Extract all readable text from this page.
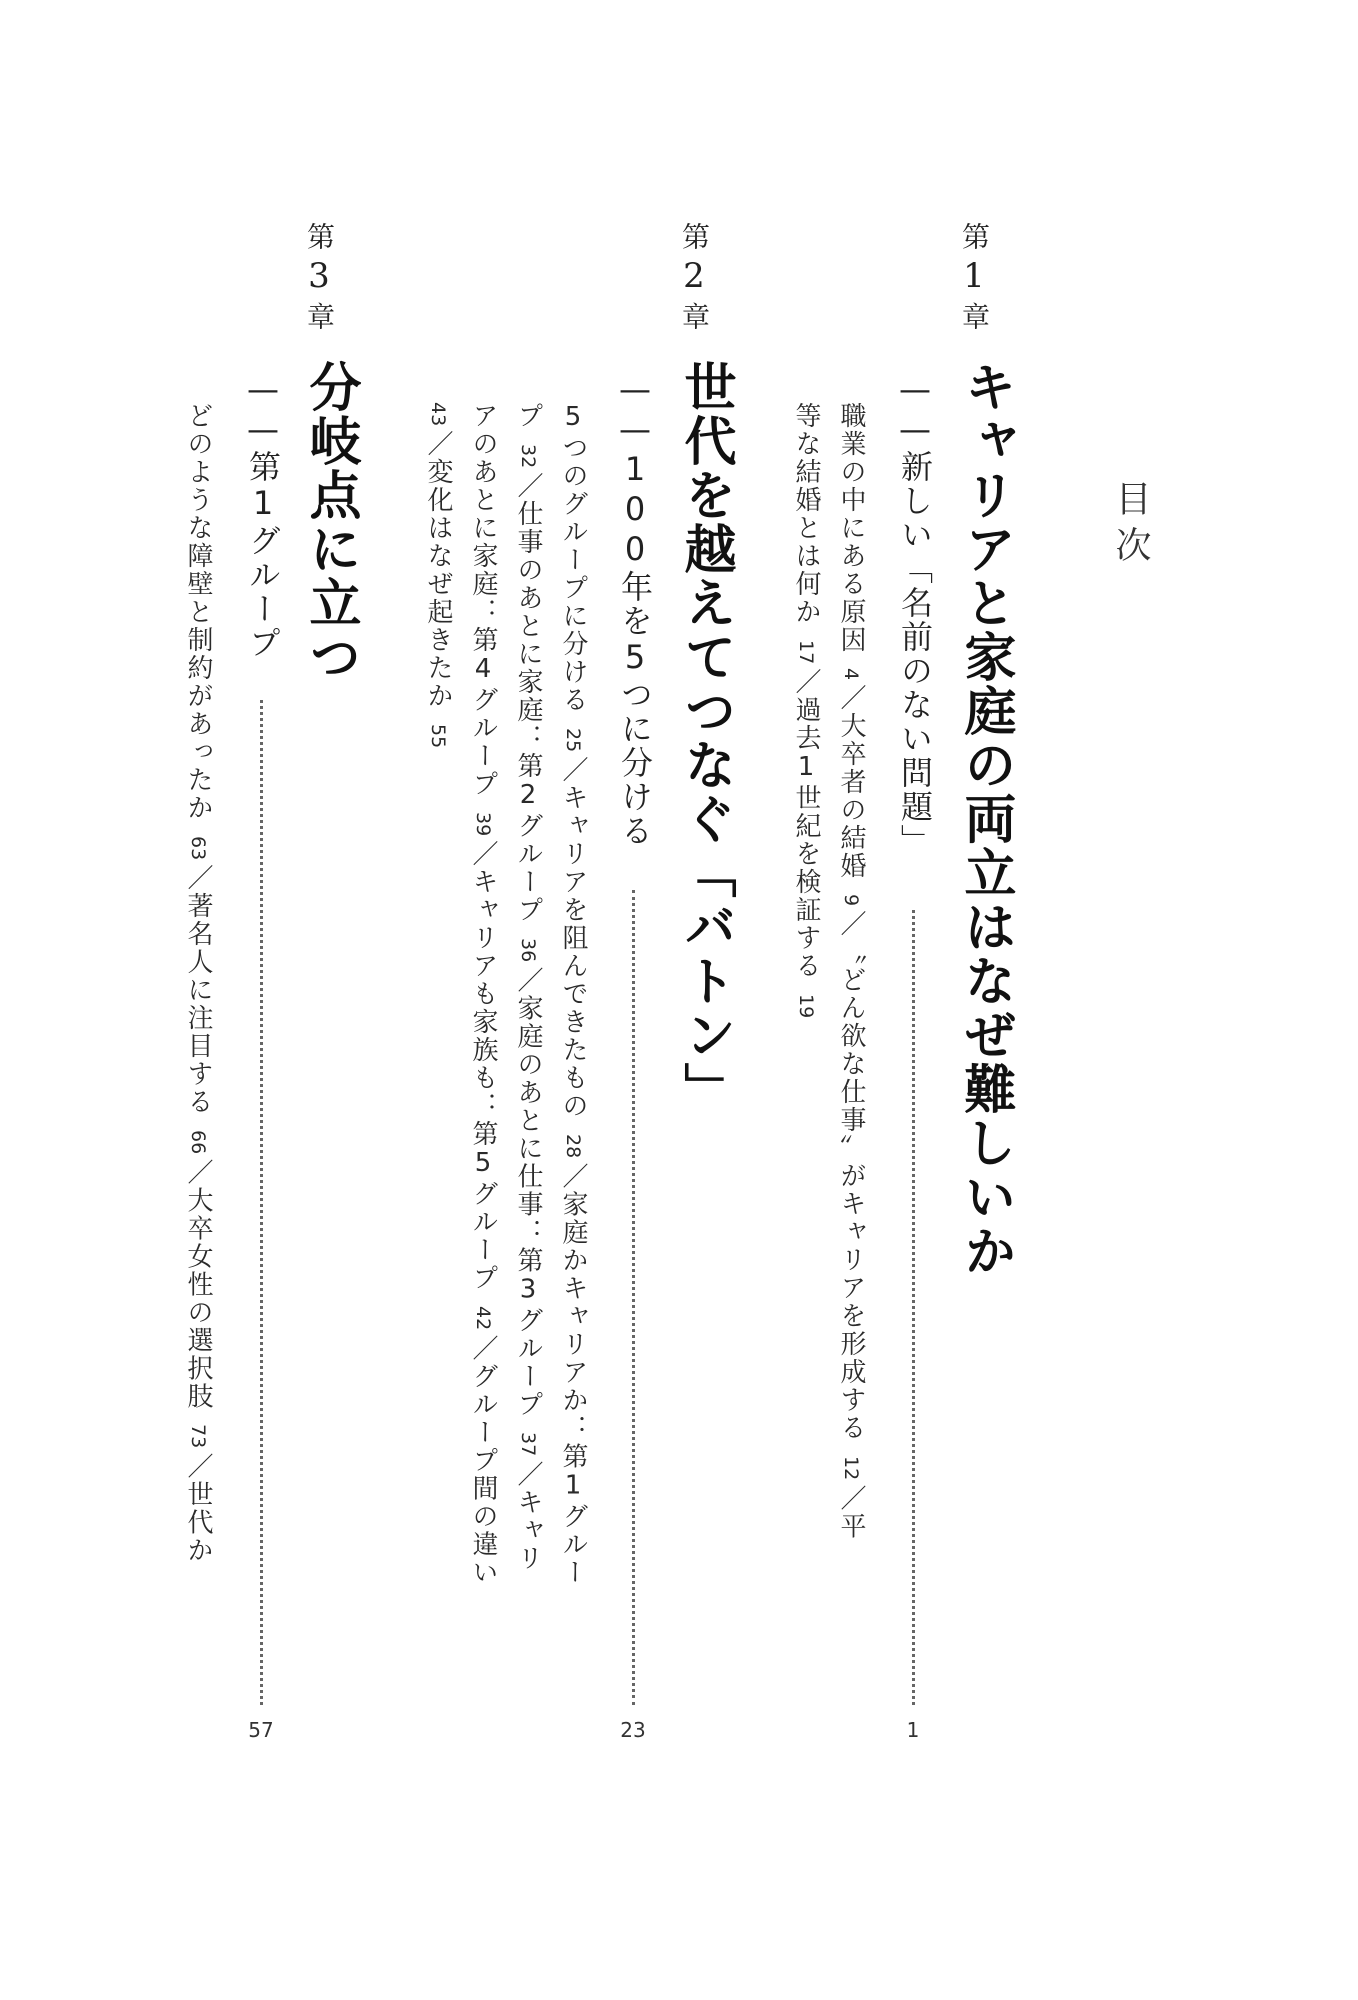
目次
第1章
キャリアと家庭の両立はなぜ難しいか
——新しい「名前のない問題」
1
職業の中にある原因4／大卒者の結婚9／〝どん欲な仕事〟がキャリアを形成する12／平
等な結婚とは何か17／過去1世紀を検証する19
第2章
世代を越えてつなぐ「バトン」
——100年を5つに分ける
23
5つのグループに分ける25／キャリアを阻んできたもの28／家庭かキャリアか：第1グルー
プ32／仕事のあとに家庭：第2グループ36／家庭のあとに仕事：第3グループ37／キャリ
アのあとに家庭：第4グループ39／キャリアも家族も：第5グループ42／グループ間の違い
43／変化はなぜ起きたか55
第3章
分岐点に立つ
——第1グループ
57
どのような障壁と制約があったか63／著名人に注目する66／大卒女性の選択肢73／世代か
